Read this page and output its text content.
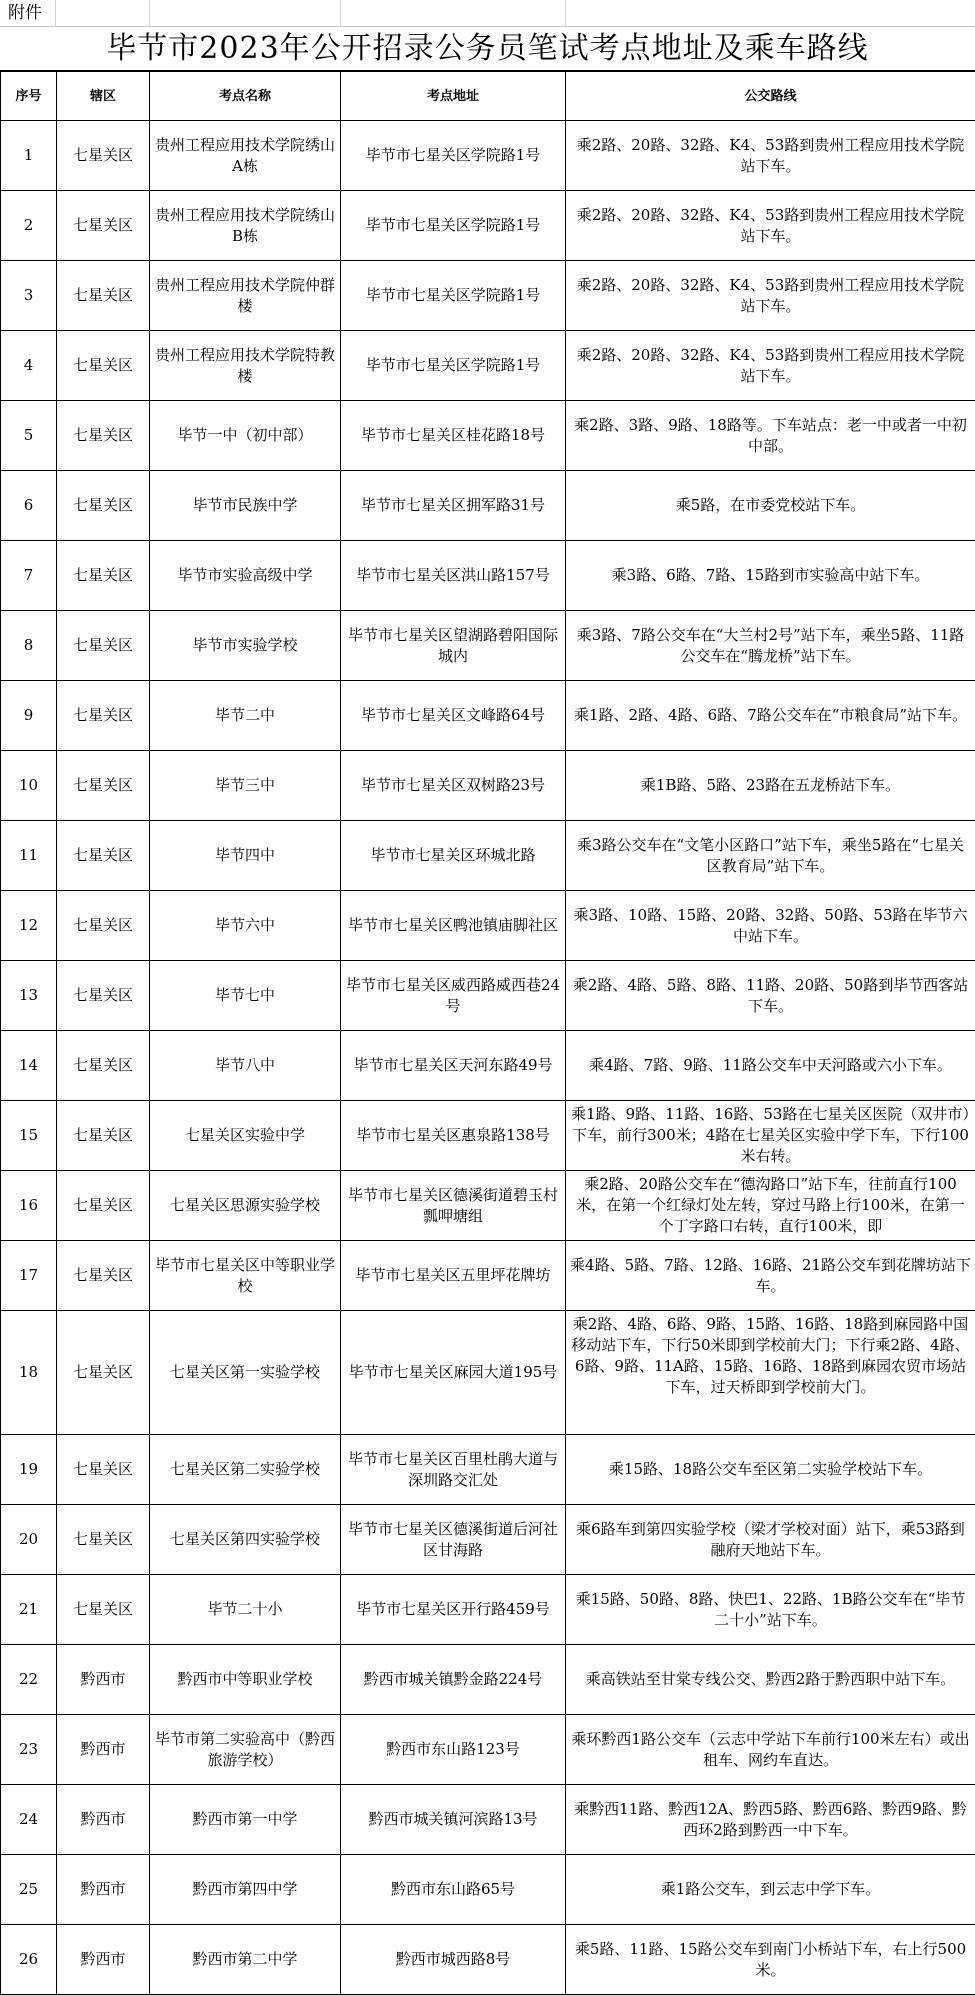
附件
毕节市2023年公开招录公务员笔试考点地址及乘车路线
序号	辖区	考点名称	考点地址	公交路线

1	七星关区	贵州工程应用技术学院绣山A栋	毕节市七星关区学院路1号	乘2路、20路、32路、K4、53路到贵州工程应用技术学院站下车。

2	七星关区	贵州工程应用技术学院绣山B栋	毕节市七星关区学院路1号	乘2路、20路、32路、K4、53路到贵州工程应用技术学院站下车。

3	七星关区	贵州工程应用技术学院仲群楼	毕节市七星关区学院路1号	乘2路、20路、32路、K4、53路到贵州工程应用技术学院站下车。

4	七星关区	贵州工程应用技术学院特教楼	毕节市七星关区学院路1号	乘2路、20路、32路、K4、53路到贵州工程应用技术学院站下车。

5	七星关区	毕节一中（初中部）	毕节市七星关区桂花路18号	乘2路、3路、9路、18路等。下车站点：老一中或者一中初中部。

6	七星关区	毕节市民族中学	毕节市七星关区拥军路31号	乘5路，在市委党校站下车。

7	七星关区	毕节市实验高级中学	毕节市七星关区洪山路157号	乘3路、6路、7路、15路到市实验高中站下车。

8	七星关区	毕节市实验学校	毕节市七星关区望湖路碧阳国际城内	乘3路、7路公交车在“大兰村2号”站下车，乘坐5路、11路公交车在“腾龙桥”站下车。

9	七星关区	毕节二中	毕节市七星关区文峰路64号	乘1路、2路、4路、6路、7路公交车在“市粮食局”站下车。

10	七星关区	毕节三中	毕节市七星关区双树路23号	乘1B路、5路、23路在五龙桥站下车。

11	七星关区	毕节四中	毕节市七星关区环城北路	乘3路公交车在“文笔小区路口”站下车，乘坐5路在“七星关区教育局”站下车。

12	七星关区	毕节六中	毕节市七星关区鸭池镇庙脚社区	乘3路、10路、15路、20路、32路、50路、53路在毕节六中站下车。

13	七星关区	毕节七中	毕节市七星关区威西路威西巷24号	乘2路、4路、5路、8路、11路、20路、50路到毕节西客站下车。

14	七星关区	毕节八中	毕节市七星关区天河东路49号	乘4路、7路、9路、11路公交车中天河路或六小下车。

15	七星关区	七星关区实验中学	毕节市七星关区惠泉路138号	乘1路、9路、11路、16路、53路在七星关区医院（双井市）下车，前行300米；4路在七星关区实验中学下车，下行100米右转。

16	七星关区	七星关区思源实验学校	毕节市七星关区德溪街道碧玉村瓢呷塘组	乘2路、20路公交车在“德沟路口”站下车，往前直行100米，在第一个红绿灯处左转，穿过马路上行100米，在第一个丁字路口右转，直行100米，即

17	七星关区	毕节市七星关区中等职业学校	毕节市七星关区五里坪花牌坊	乘4路、5路、7路、12路、16路、21路公交车到花牌坊站下车。

18	七星关区	七星关区第一实验学校	毕节市七星关区麻园大道195号	乘2路、4路、6路、9路、15路、16路、18路到麻园路中国移动站下车，下行50米即到学校前大门；下行乘2路、4路、6路、9路、11A路、15路、16路、18路到麻园农贸市场站下车，过天桥即到学校前大门。

19	七星关区	七星关区第二实验学校	毕节市七星关区百里杜鹃大道与深圳路交汇处	乘15路、18路公交车至区第二实验学校站下车。

20	七星关区	七星关区第四实验学校	毕节市七星关区德溪街道后河社区甘海路	乘6路车到第四实验学校（梁才学校对面）站下，乘53路到融府天地站下车。

21	七星关区	毕节二十小	毕节市七星关区开行路459号	乘15路、50路、8路、快巴1、22路、1B路公交车在“毕节二十小”站下车。

22	黔西市	黔西市中等职业学校	黔西市城关镇黔金路224号	乘高铁站至甘棠专线公交、黔西2路于黔西职中站下车。

23	黔西市	毕节市第二实验高中（黔西旅游学校）	黔西市东山路123号	乘环黔西1路公交车（云志中学站下车前行100米左右）或出租车、网约车直达。

24	黔西市	黔西市第一中学	黔西市城关镇河滨路13号	乘黔西11路、黔西12A、黔西5路、黔西6路、黔西9路、黔西环2路到黔西一中下车。

25	黔西市	黔西市第四中学	黔西市东山路65号	乘1路公交车，到云志中学下车。

26	黔西市	黔西市第二中学	黔西市城西路8号	乘5路、11路、15路公交车到南门小桥站下车，右上行500米。
